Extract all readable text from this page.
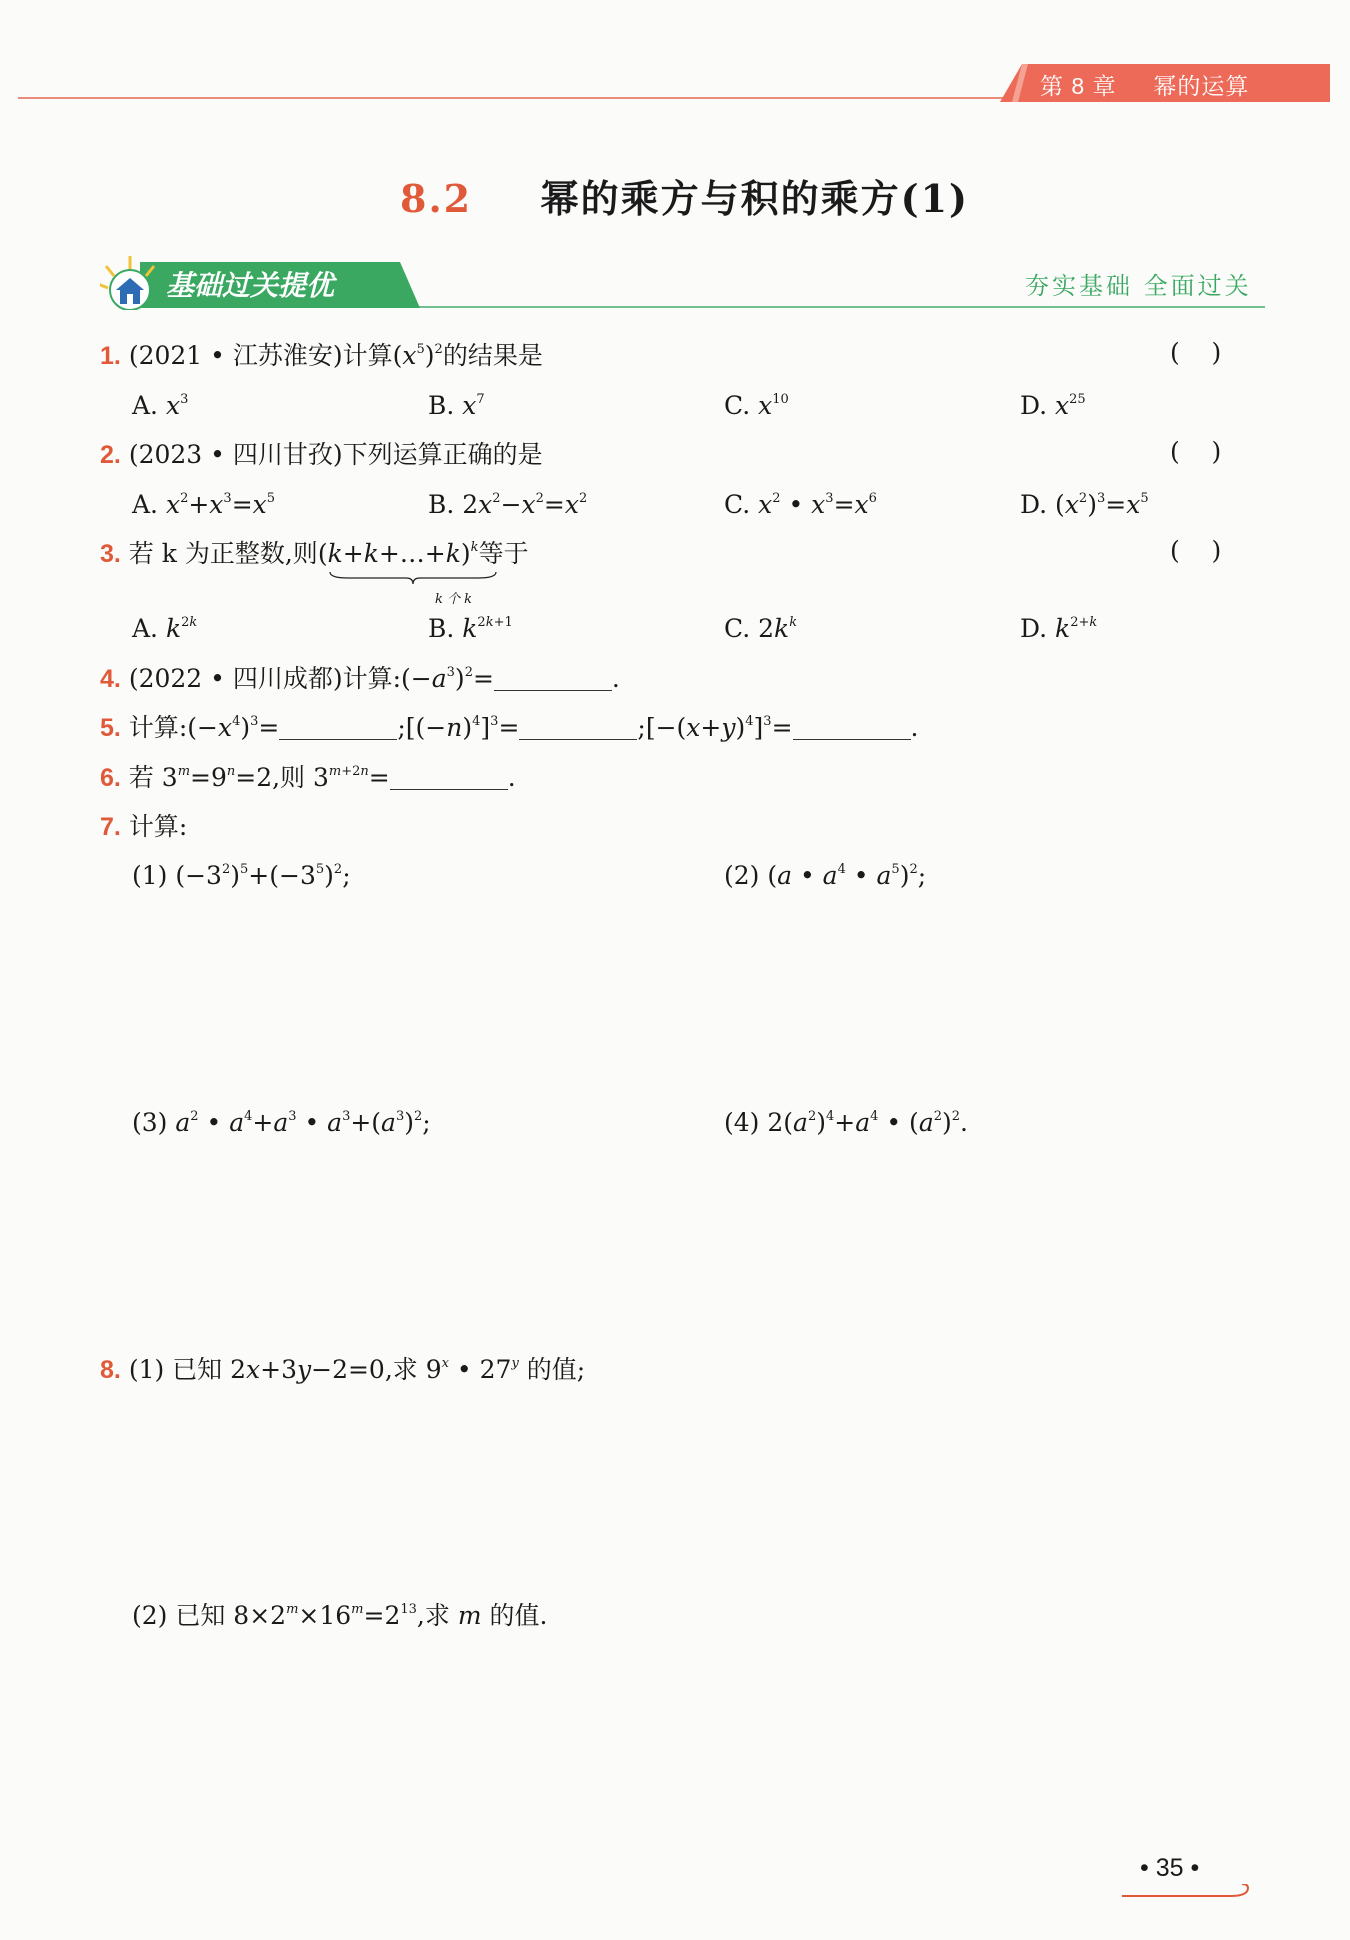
第 8 章 幂的运算
8.2 幂的乘方与积的乘方(1)
基础过关提优	夯实基础 全面过关
1. (2021 • 江苏淮安)计算$(x^5)^2$的结果是	(    )
A. $x^3$	B. $x^7$	C. $x^{10}$	D. $x^{25}$
2. (2023 • 四川甘孜)下列运算正确的是	(    )
A. $x^2+x^3=x^5$	B. $2x^2-x^2=x^2$	C. $x^2$ • $x^3=x^6$	D. $(x^2)^3=x^5$
3. 若 k 为正整数,则(k+k+…+k
)$^k$等于
k 个 k
(    )
A. $k^{2k}$	B. $k^{2k+1}$	C. $2k^k$	D. $k^{2+k}$
4. (2022 • 四川成都)计算$:(-a^3)^2=$	.
5. 计算$:(-x^4)^3=$	$;[(-n)^4]^3=$	$;[-(x+y)^4]^3=$	.
6. 若 $3^m=9^n=2$,则 $3^{m+2n}=$	.
7. 计算:
(1) $(-3^2)^5+(-3^5)^2$;	(2) (a • $a^4$ • $a^5)^2$;
(3) $a^2$ • $a^4+a^3$ • $a^3+(a^3)^2$;	(4) $2(a^2)^4+a^4$ • $(a^2)^2$.
8. (1) 已知 2x+3y−2=0,求 9$^x$ • 27$^y$ 的值;
(2) 已知 $8\times 2^m\times 16^m=2^{13}$,求 m 的值.
• 35 •
